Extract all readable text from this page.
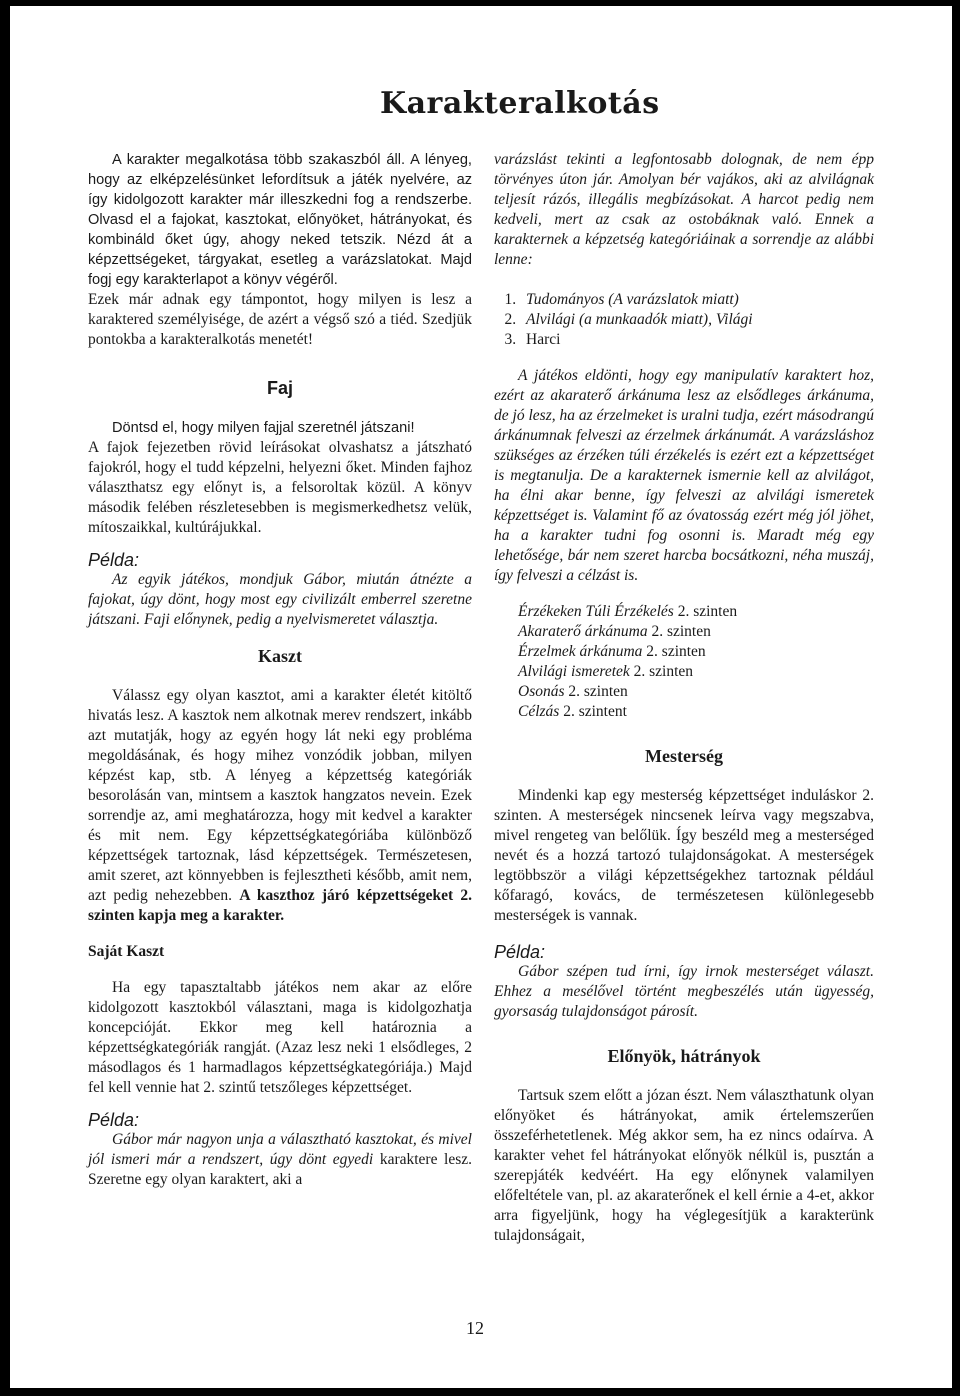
Karakteralkotás

A karakter megalkotása több szakaszból áll. A lényeg, hogy az elképzelésünket lefordítsuk a játék nyelvére, az így kidolgozott karakter már illeszkedni fog a rendszerbe. Olvasd el a fajokat, kasztokat, előnyöket, hátrányokat, és kombináld őket úgy, ahogy neked tetszik. Nézd át a képzettségeket, tárgyakat, esetleg a varázslatokat. Majd fogj egy karakterlapot a könyv végéről.

Ezek már adnak egy támpontot, hogy milyen is lesz a karaktered személyisége, de azért a végső szó a tiéd. Szedjük pontokba a karakteralkotás menetét!

Faj

Döntsd el, hogy milyen fajjal szeretnél játszani!

A fajok fejezetben rövid leírásokat olvashatsz a játszható fajokról, hogy el tudd képzelni, helyezni őket. Minden fajhoz választhatsz egy előnyt is, a felsoroltak közül. A könyv második felében részletesebben is megismerkedhetsz velük, mítoszaikkal, kultúrájukkal.

Példa:

Az egyik játékos, mondjuk Gábor, miután átnézte a fajokat, úgy dönt, hogy most egy civilizált emberrel szeretne játszani. Faji előnynek, pedig a nyelvismeretet választja.

Kaszt

Válassz egy olyan kasztot, ami a karakter életét kitöltő hivatás lesz. A kasztok nem alkotnak merev rendszert, inkább azt mutatják, hogy az egyén hogy lát neki egy probléma megoldásának, és hogy mihez vonzódik jobban, milyen képzést kap, stb. A lényeg a képzettség kategóriák besorolásán van, mintsem a kasztok hangzatos nevein. Ezek sorrendje az, ami meghatározza, hogy mit kedvel a karakter és mit nem. Egy képzettségkategóriába különböző képzettségek tartoznak, lásd képzettségek. Természetesen, amit szeret, azt könnyebben is fejlesztheti később, amit nem, azt pedig nehezebben. A kaszthoz járó képzettségeket 2. szinten kapja meg a karakter.

Saját Kaszt

Ha egy tapasztaltabb játékos nem akar az előre kidolgozott kasztokból választani, maga is kidolgozhatja koncepcióját. Ekkor meg kell határoznia a képzettségkategóriák rangját. (Azaz lesz neki 1 elsődleges, 2 másodlagos és 1 harmadlagos képzettségkategóriája.) Majd fel kell vennie hat 2. szintű tetszőleges képzettséget.

Példa:

Gábor már nagyon unja a választható kasztokat, és mivel jól ismeri már a rendszert, úgy dönt egyedi karaktere lesz. Szeretne egy olyan karaktert, aki a

varázslást tekinti a legfontosabb dolognak, de nem épp törvényes úton jár. Amolyan bér vajákos, aki az alvilágnak teljesít rázós, illegális megbízásokat. A harcot pedig nem kedveli, mert az csak az ostobáknak való. Ennek a karakternek a képzetség kategóriáinak a sorrendje az alábbi lenne:

1. Tudományos (A varázslatok miatt)
2. Alvilági (a munkaadók miatt), Világi
3. Harci

A játékos eldönti, hogy egy manipulatív karaktert hoz, ezért az akaraterő árkánuma lesz az elsődleges árkánuma, de jó lesz, ha az érzelmeket is uralni tudja, ezért másodrangú árkánumnak felveszi az érzelmek árkánumát. A varázsláshoz szükséges az érzéken túli érzékelés is ezért ezt a képzettséget is megtanulja. De a karakternek ismernie kell az alvilágot, ha élni akar benne, így felveszi az alvilági ismeretek képzettséget is. Valamint fő az óvatosság ezért még jól jöhet, ha a karakter tudni fog osonni is. Maradt még egy lehetősége, bár nem szeret harcba bocsátkozni, néha muszáj, így felveszi a célzást is.

Érzékeken Túli Érzékelés 2. szinten

Akaraterő árkánuma 2. szinten

Érzelmek árkánuma 2. szinten

Alvilági ismeretek 2. szinten

Osonás 2. szinten

Célzás 2. szintent

Mesterség

Mindenki kap egy mesterség képzettséget induláskor 2. szinten. A mesterségek nincsenek leírva vagy megszabva, mivel rengeteg van belőlük. Így beszéld meg a mesterséged nevét és a hozzá tartozó tulajdonságokat. A mesterségek legtöbbször a világi képzettségekhez tartoznak például kőfaragó, kovács, de természetesen különlegesebb mesterségek is vannak.

Példa:

Gábor szépen tud írni, így irnok mesterséget választ. Ehhez a mesélővel történt megbeszélés után ügyesség, gyorsaság tulajdonságot párosít.

Előnyök, hátrányok

Tartsuk szem előtt a józan észt. Nem választhatunk olyan előnyöket és hátrányokat, amik értelemszerűen összeférhetetlenek. Még akkor sem, ha ez nincs odaírva. A karakter vehet fel hátrányokat előnyök nélkül is, pusztán a szerepjáték kedvéért. Ha egy előnynek valamilyen előfeltétele van, pl. az akaraterőnek el kell érnie a 4-et, akkor arra figyeljünk, hogy ha véglegesítjük a karakterünk tulajdonságait,

12
